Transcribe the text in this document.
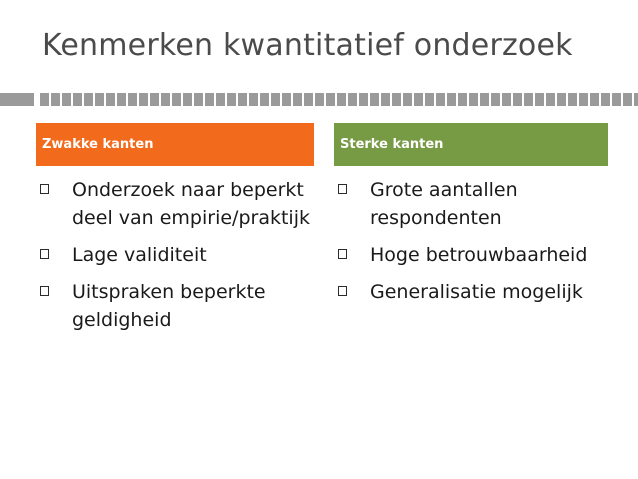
Kenmerken kwantitatief onderzoek
Zwakke kanten	Sterke kanten
Onderzoek naar beperkt deel van empirie/praktijk
Lage validiteit
Uitspraken beperkte geldigheid
Grote aantallen respondenten
Hoge betrouwbaarheid
Generalisatie mogelijk
